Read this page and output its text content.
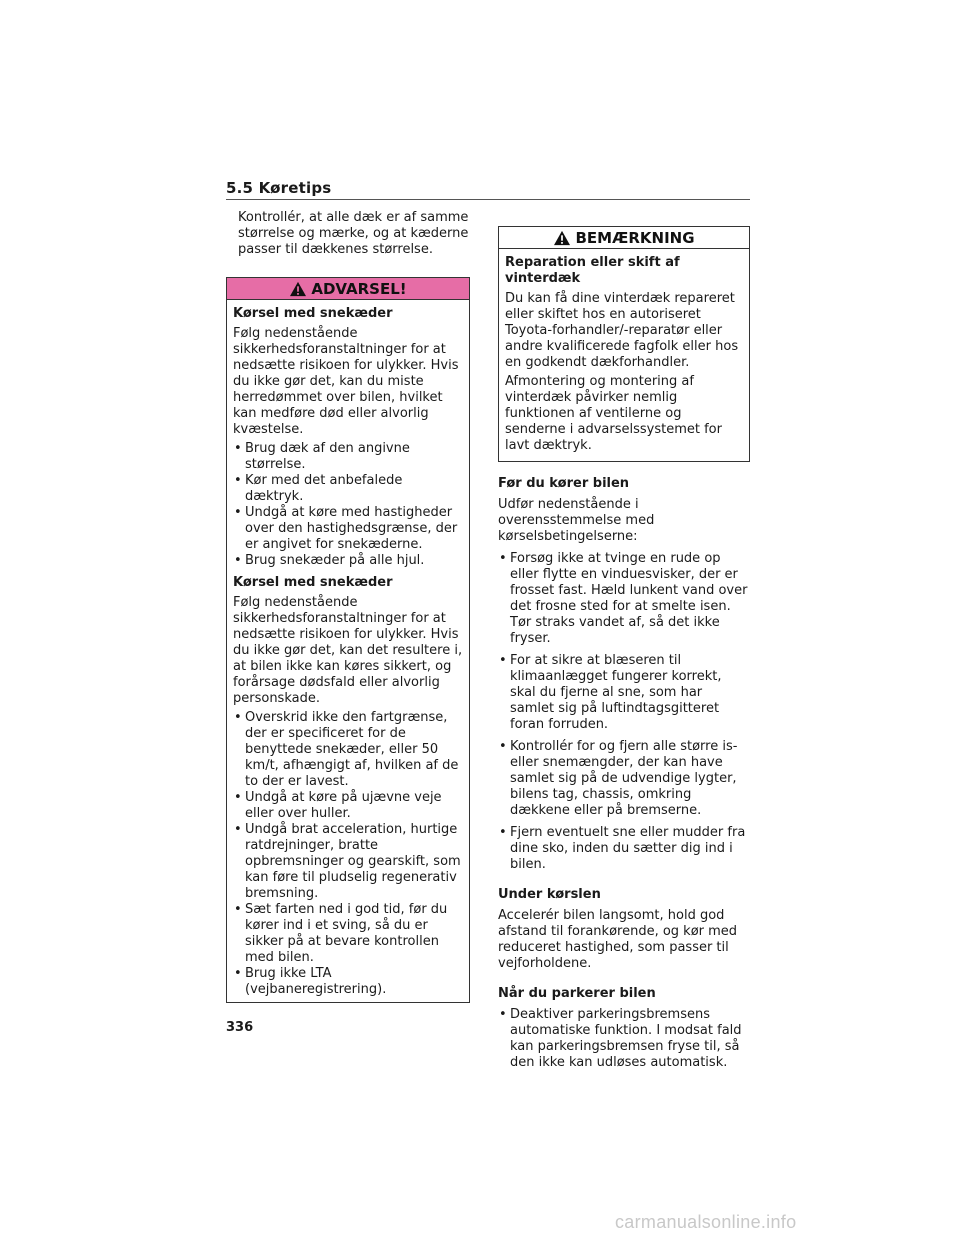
5.5 Køretips

Kontrollér, at alle dæk er af samme størrelse og mærke, og at kæderne passer til dækkenes størrelse.

ADVARSEL!

Kørsel med snekæder

Følg nedenstående sikkerhedsforanstaltninger for at nedsætte risikoen for ulykker. Hvis du ikke gør det, kan du miste herredømmet over bilen, hvilket kan medføre død eller alvorlig kvæstelse.

• Brug dæk af den angivne størrelse.
• Kør med det anbefalede dæktryk.
• Undgå at køre med hastigheder over den hastighedsgrænse, der er angivet for snekæderne.
• Brug snekæder på alle hjul.

Kørsel med snekæder

Følg nedenstående sikkerhedsforanstaltninger for at nedsætte risikoen for ulykker. Hvis du ikke gør det, kan det resultere i, at bilen ikke kan køres sikkert, og forårsage dødsfald eller alvorlig personskade.

• Overskrid ikke den fartgrænse, der er specificeret for de benyttede snekæder, eller 50 km/t, afhængigt af, hvilken af de to der er lavest.
• Undgå at køre på ujævne veje eller over huller.
• Undgå brat acceleration, hurtige ratdrejninger, bratte opbremsninger og gearskift, som kan føre til pludselig regenerativ bremsning.
• Sæt farten ned i god tid, før du kører ind i et sving, så du er sikker på at bevare kontrollen med bilen.
• Brug ikke LTA (vejbaneregistrering).
BEMÆRKNING

Reparation eller skift af vinterdæk

Du kan få dine vinterdæk repareret eller skiftet hos en autoriseret Toyota-forhandler/-reparatør eller andre kvalificerede fagfolk eller hos en godkendt dækforhandler.

Afmontering og montering af vinterdæk påvirker nemlig funktionen af ventilerne og senderne i advarselssystemet for lavt dæktryk.

Før du kører bilen

Udfør nedenstående i overensstemmelse med kørselsbetingelserne:

• Forsøg ikke at tvinge en rude op eller flytte en vinduesvisker, der er frosset fast. Hæld lunkent vand over det frosne sted for at smelte isen. Tør straks vandet af, så det ikke fryser.
• For at sikre at blæseren til klimaanlægget fungerer korrekt, skal du fjerne al sne, som har samlet sig på luftindtagsgitteret foran forruden.
• Kontrollér for og fjern alle større is- eller snemængder, der kan have samlet sig på de udvendige lygter, bilens tag, chassis, omkring dækkene eller på bremserne.
• Fjern eventuelt sne eller mudder fra dine sko, inden du sætter dig ind i bilen.

Under kørslen

Accelerér bilen langsomt, hold god afstand til forankørende, og kør med reduceret hastighed, som passer til vejforholdene.

Når du parkerer bilen

• Deaktiver parkeringsbremsens automatiske funktion. I modsat fald kan parkeringsbremsen fryse til, så den ikke kan udløses automatisk.
336
carmanualsonline.info
